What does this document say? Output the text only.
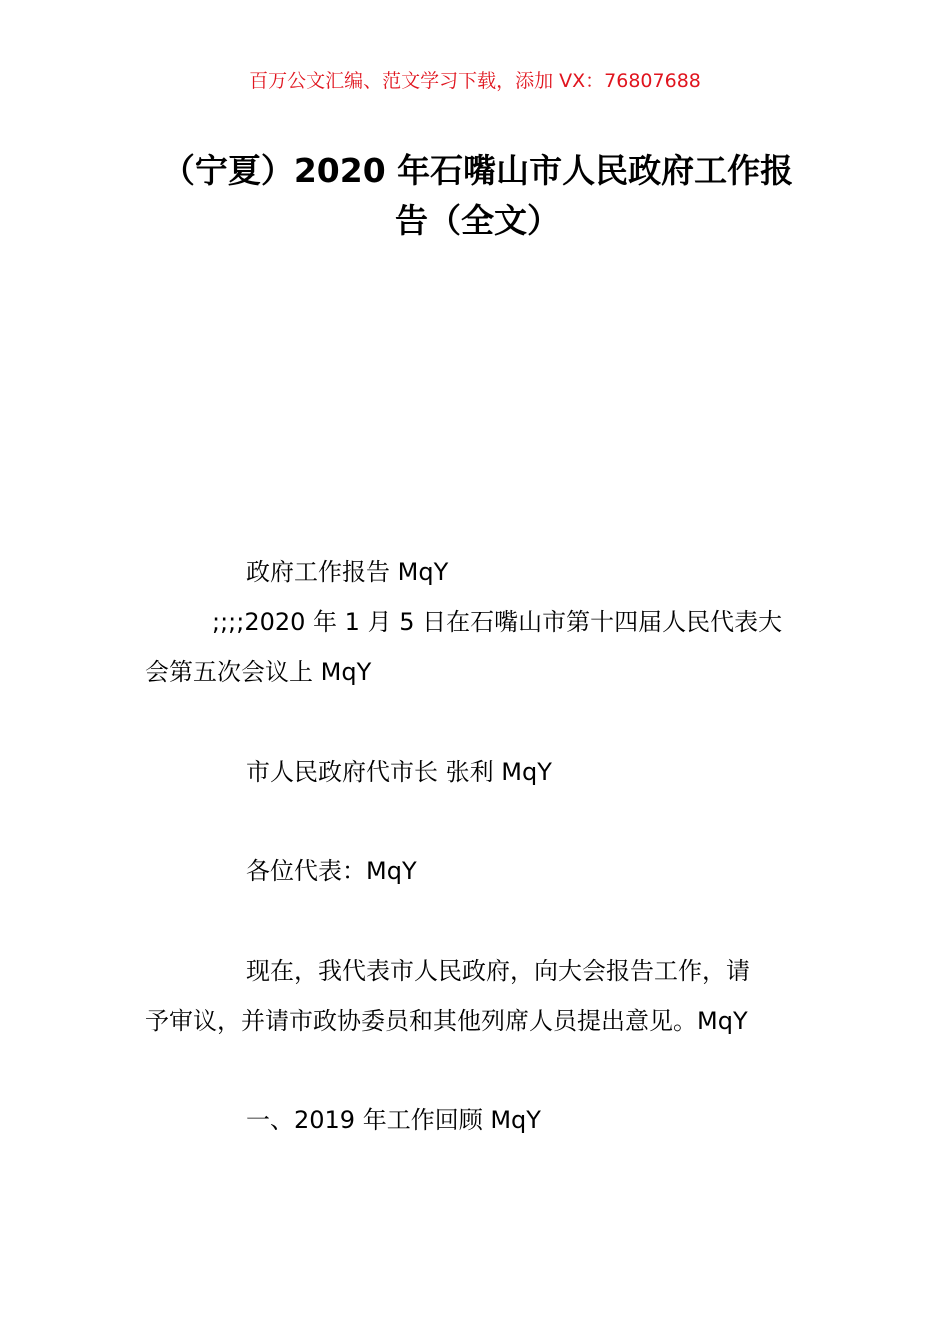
百万公文汇编、范文学习下载，添加 VX：76807688
（宁夏）2020 年石嘴山市人民政府工作报
告（全文）
政府工作报告 MqY
;;;;2020 年 1 月 5 日在石嘴山市第十四届人民代表大
会第五次会议上 MqY
市人民政府代市长 张利 MqY
各位代表：MqY
现在，我代表市人民政府，向大会报告工作，请
予审议，并请市政协委员和其他列席人员提出意见。MqY
一、2019 年工作回顾 MqY
